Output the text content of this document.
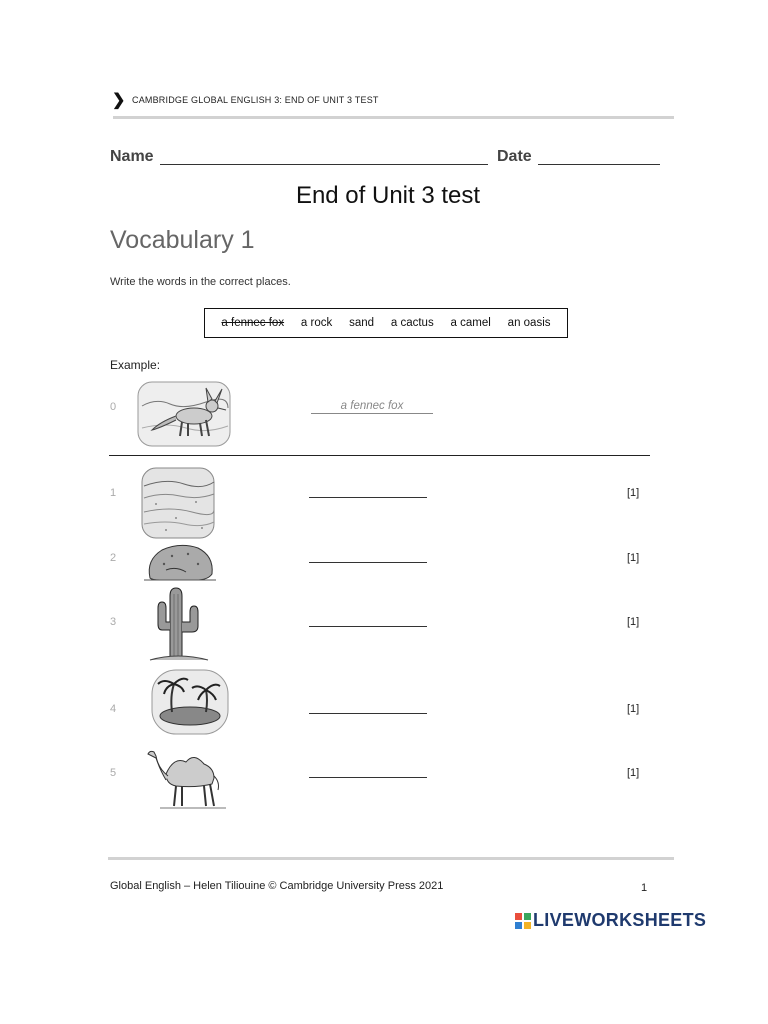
❯ CAMBRIDGE GLOBAL ENGLISH 3: END OF UNIT 3 TEST
Name	Date
End of Unit 3 test
Vocabulary 1
Write the words in the correct places.
a fennec fox a rock sand a cactus a camel an oasis
Example:
0	a fennec fox
1	[1]
2	[1]
3	[1]
4	[1]
5	[1]
Global English – Helen Tiliouine © Cambridge University Press 2021	1
LIVEWORKSHEETS
